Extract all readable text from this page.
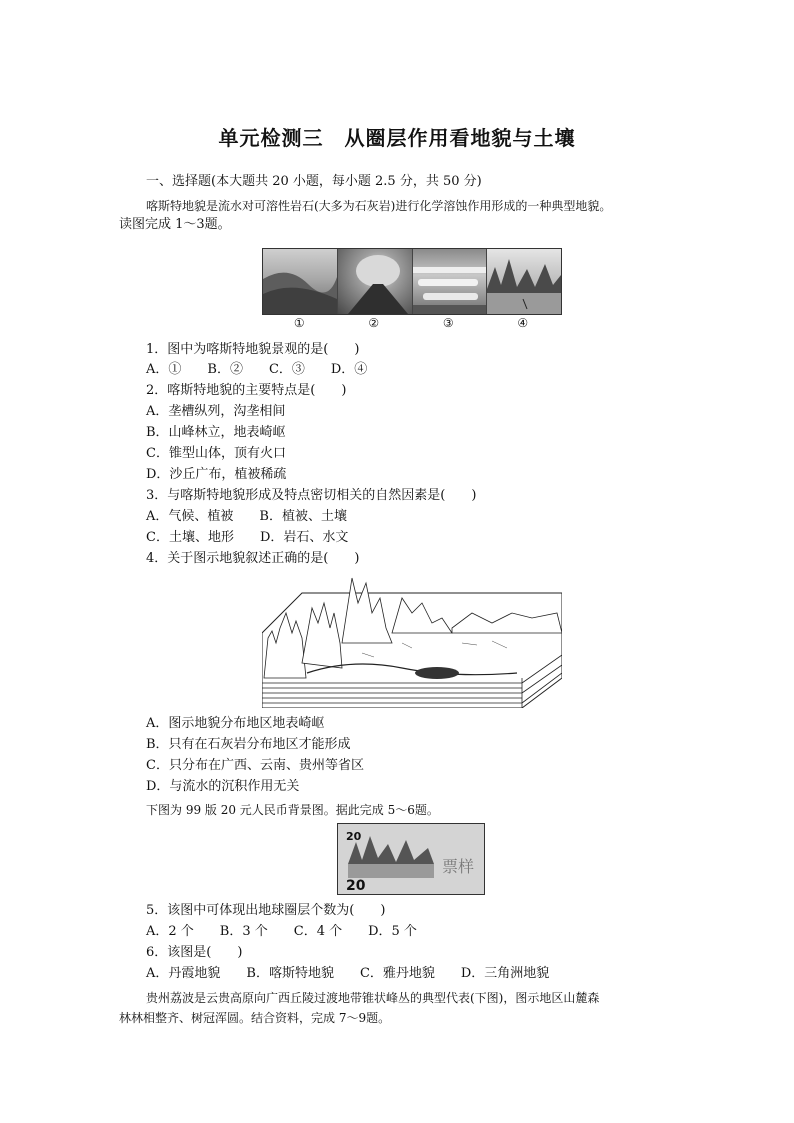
单元检测三　从圈层作用看地貌与土壤
一、选择题(本大题共 20 小题，每小题 2.5 分，共 50 分)
喀斯特地貌是流水对可溶性岩石(大多为石灰岩)进行化学溶蚀作用形成的一种典型地貌。
读图完成 1～3题。
①	②	③	④
1．图中为喀斯特地貌景观的是(　　)
A．①　　B．②　　C．③　　D．④
2．喀斯特地貌的主要特点是(　　)
A．垄槽纵列，沟垄相间
B．山峰林立，地表崎岖
C．锥型山体，顶有火口
D．沙丘广布，植被稀疏
3．与喀斯特地貌形成及特点密切相关的自然因素是(　　)
A．气候、植被　　B．植被、土壤
C．土壤、地形　　D．岩石、水文
4．关于图示地貌叙述正确的是(　　)
A．图示地貌分布地区地表崎岖
B．只有在石灰岩分布地区才能形成
C．只分布在广西、云南、贵州等省区
D．与流水的沉积作用无关
下图为 99 版 20 元人民币背景图。据此完成 5～6题。
20
20
票样
5．该图中可体现出地球圈层个数为(　　)
A．2 个　　B．3 个　　C．4 个　　D．5 个
6．该图是(　　)
A．丹霞地貌　　B．喀斯特地貌　　C．雅丹地貌　　D．三角洲地貌
贵州荔波是云贵高原向广西丘陵过渡地带锥状峰丛的典型代表(下图)，图示地区山麓森
林林相整齐、树冠浑圆。结合资料，完成 7～9题。
